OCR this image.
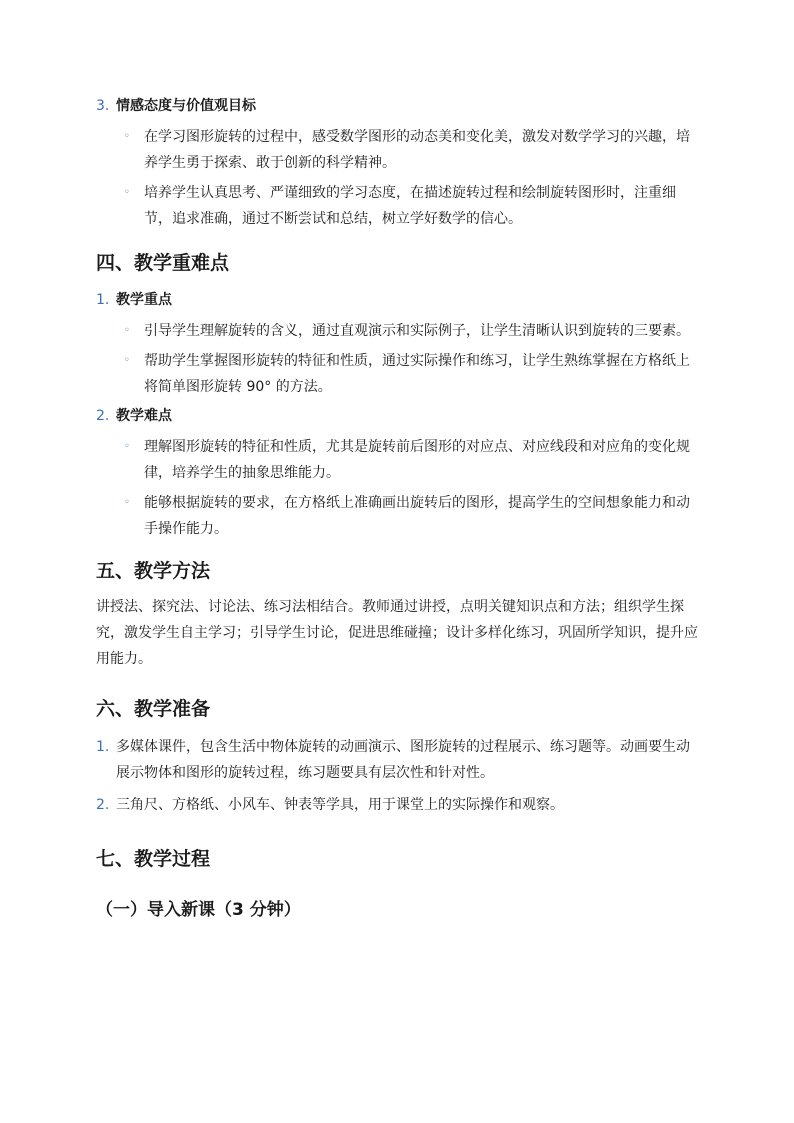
3. 情感态度与价值观目标
◦ 在学习图形旋转的过程中，感受数学图形的动态美和变化美，激发对数学学习的兴趣，培养学生勇于探索、敢于创新的科学精神。
◦ 培养学生认真思考、严谨细致的学习态度，在描述旋转过程和绘制旋转图形时，注重细节，追求准确，通过不断尝试和总结，树立学好数学的信心。
四、教学重难点
1. 教学重点
◦ 引导学生理解旋转的含义，通过直观演示和实际例子，让学生清晰认识到旋转的三要素。
◦ 帮助学生掌握图形旋转的特征和性质，通过实际操作和练习，让学生熟练掌握在方格纸上将简单图形旋转 90° 的方法。
2. 教学难点
◦ 理解图形旋转的特征和性质，尤其是旋转前后图形的对应点、对应线段和对应角的变化规律，培养学生的抽象思维能力。
◦ 能够根据旋转的要求，在方格纸上准确画出旋转后的图形，提高学生的空间想象能力和动手操作能力。
五、教学方法

讲授法、探究法、讨论法、练习法相结合。教师通过讲授，点明关键知识点和方法；组织学生探究，激发学生自主学习；引导学生讨论，促进思维碰撞；设计多样化练习，巩固所学知识，提升应用能力。

六、教学准备
1. 多媒体课件，包含生活中物体旋转的动画演示、图形旋转的过程展示、练习题等。动画要生动展示物体和图形的旋转过程，练习题要具有层次性和针对性。
2. 三角尺、方格纸、小风车、钟表等学具，用于课堂上的实际操作和观察。
七、教学过程
（一）导入新课（3 分钟）
